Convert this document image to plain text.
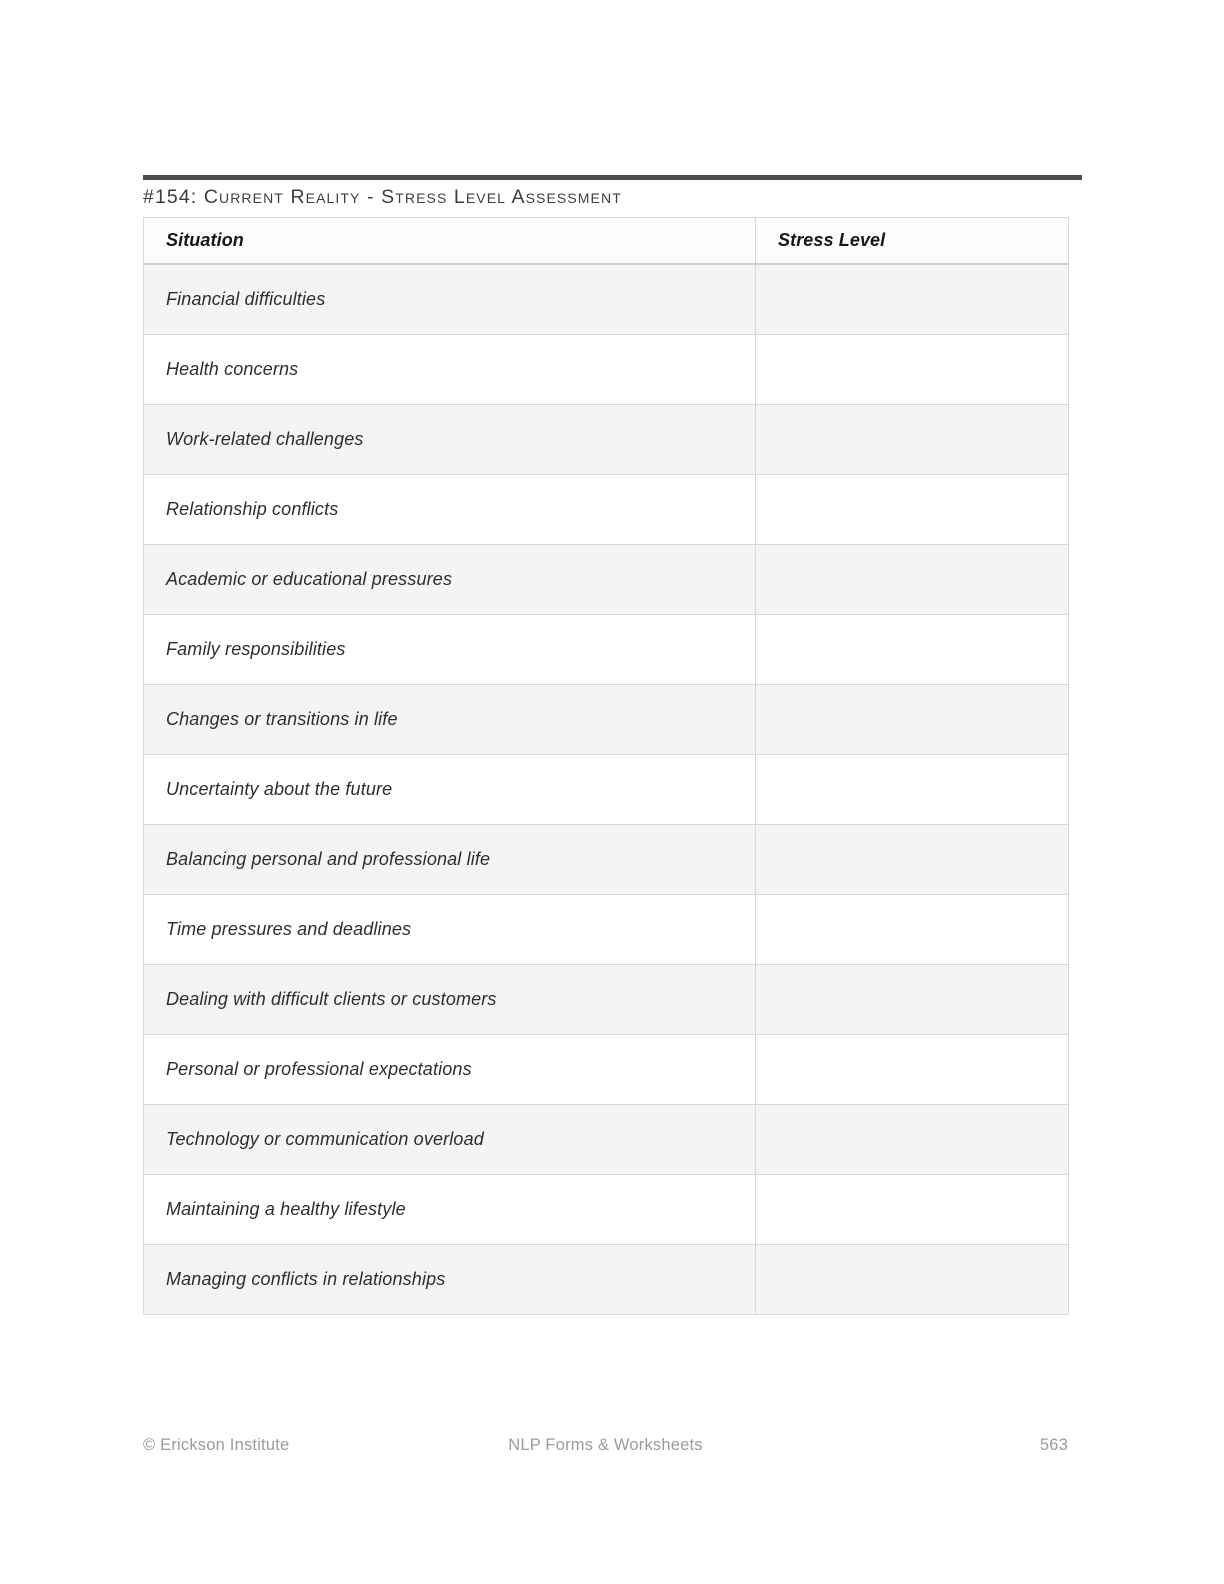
#154: Current Reality - Stress Level Assessment
Situation	Stress Level
Financial difficulties	
Health concerns	
Work-related challenges	
Relationship conflicts	
Academic or educational pressures	
Family responsibilities	
Changes or transitions in life	
Uncertainty about the future	
Balancing personal and professional life	
Time pressures and deadlines	
Dealing with difficult clients or customers	
Personal or professional expectations	
Technology or communication overload	
Maintaining a healthy lifestyle	
Managing conflicts in relationships	
© Erickson Institute	NLP Forms & Worksheets	563
